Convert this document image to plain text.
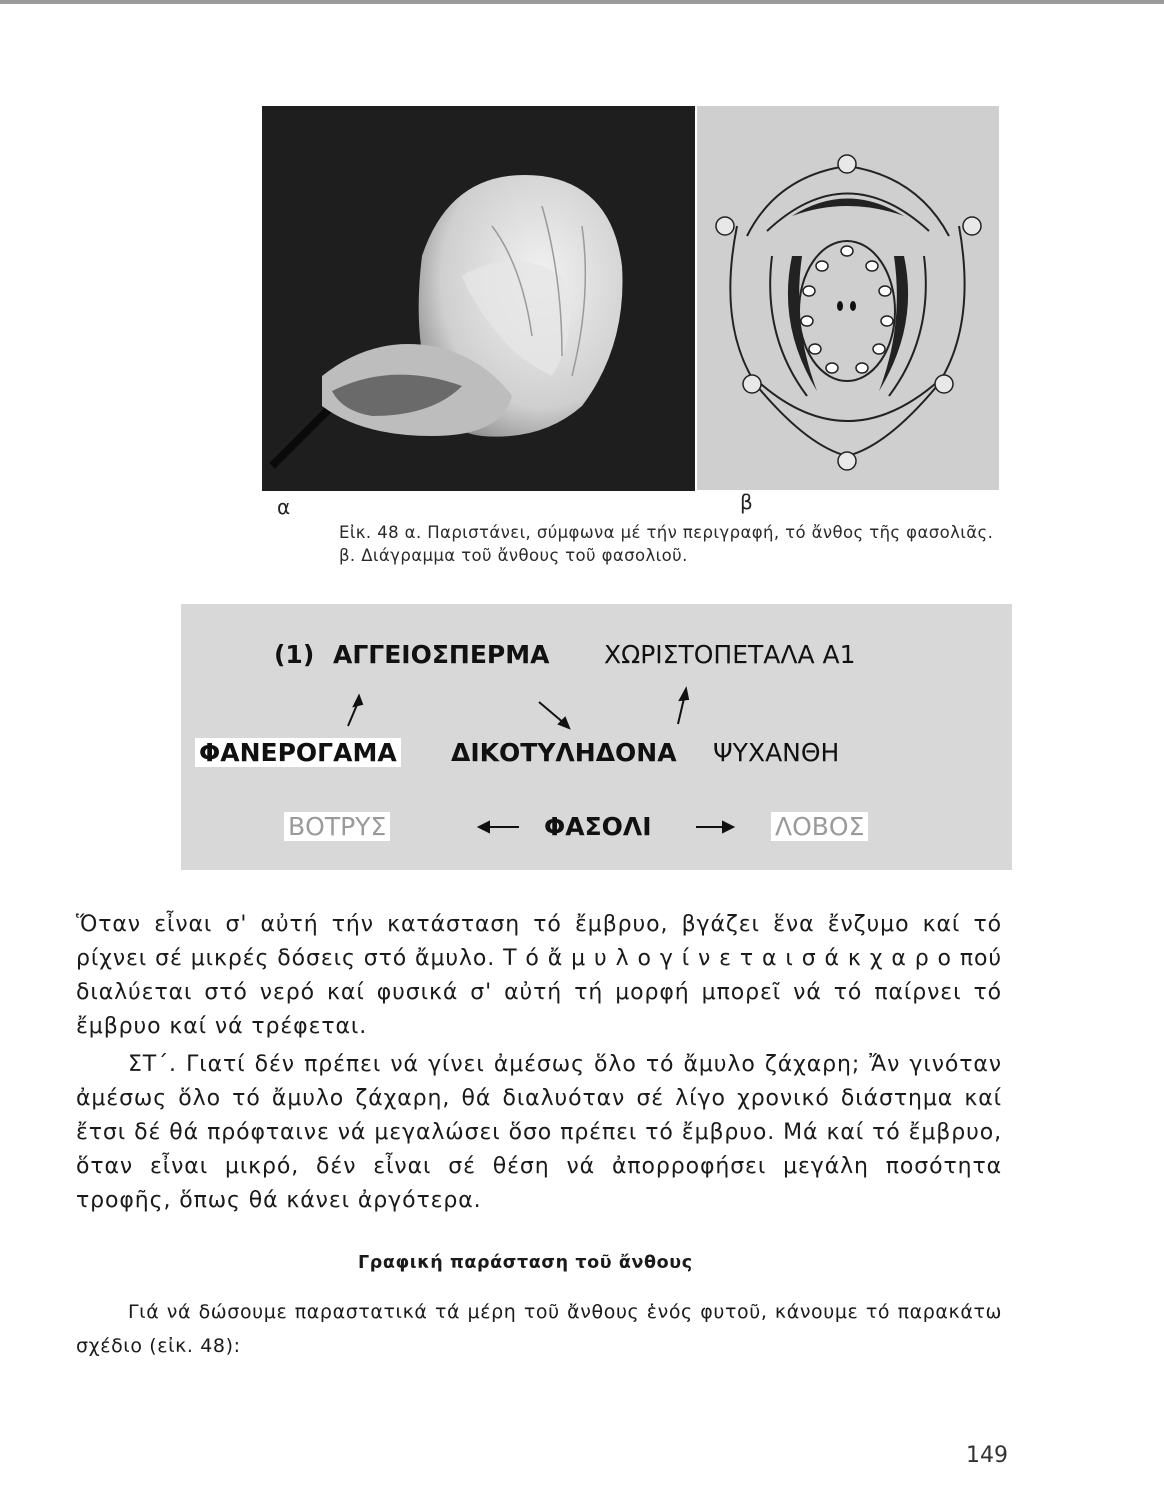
α	β
Εἰκ. 48 α. Παριστάνει, σύμφωνα μέ τήν περιγραφή, τό ἄνθος τῆς φασολιᾶς. β. Διάγραμμα τοῦ ἄνθους τοῦ φασολιοῦ.
(1) ΑΓΓΕΙΟΣΠΕΡΜΑ ΧΩΡΙΣΤΟΠΕΤΑΛΑ Α1
ΦΑΝΕΡΟΓΑΜΑ ΔΙΚΟΤΥΛΗΔΟΝΑ ΨΥΧΑΝΘΗ
ΒΟΤΡΥΣ	ΦΑΣΟΛΙ	ΛΟΒΟΣ

Ὅταν εἶναι σ' αὐτή τήν κατάσταση τό ἔμβρυο, βγάζει ἕνα ἔνζυμο καί τό ρίχνει σέ μικρές δόσεις στό ἄμυλο. Τ ό ἄ μ υ λ ο γ ί ν ε τ α ι σ ά κ χ α ρ ο πού διαλύεται στό νερό καί φυσικά σ' αὐτή τή μορφή μπορεῖ νά τό παίρνει τό ἔμβρυο καί νά τρέφεται.

ΣΤ΄. Γιατί δέν πρέπει νά γίνει ἀμέσως ὅλο τό ἄμυλο ζάχαρη; Ἄν γινόταν ἀμέσως ὅλο τό ἄμυλο ζάχαρη, θά διαλυόταν σέ λίγο χρονικό διάστημα καί ἔτσι δέ θά πρόφταινε νά μεγαλώσει ὅσο πρέπει τό ἔμβρυο. Μά καί τό ἔμβρυο, ὅταν εἶναι μικρό, δέν εἶναι σέ θέση νά ἀπορροφήσει μεγάλη ποσότητα τροφῆς, ὅπως θά κάνει ἀργότερα.

Γραφική παράσταση τοῦ ἄνθους

Γιά νά δώσουμε παραστατικά τά μέρη τοῦ ἄνθους ἑνός φυτοῦ, κάνουμε τό παρακάτω σχέδιο (εἰκ. 48):

149
